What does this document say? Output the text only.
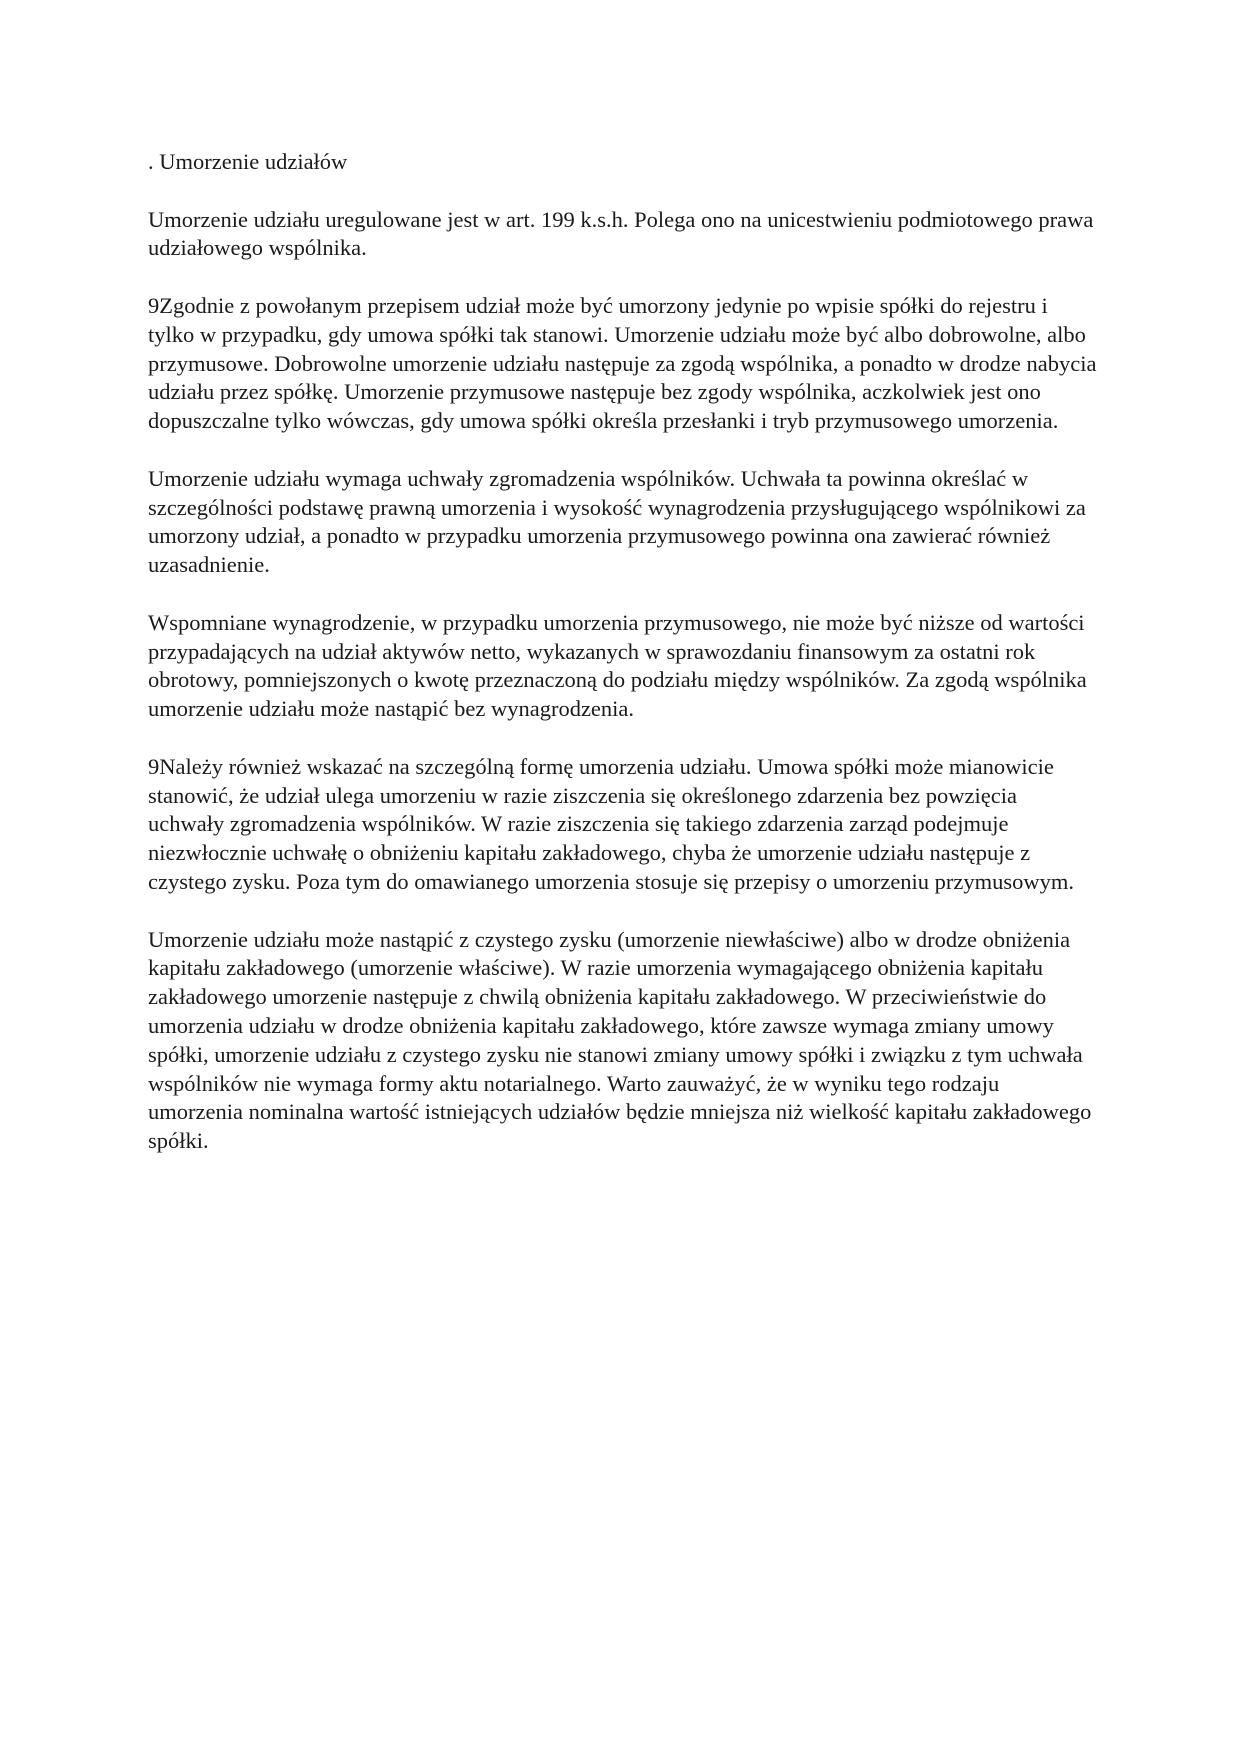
. Umorzenie udziałów

Umorzenie udziału uregulowane jest w art. 199 k.s.h. Polega ono na unicestwieniu podmiotowego prawa udziałowego wspólnika.

9Zgodnie z powołanym przepisem udział może być umorzony jedynie po wpisie spółki do rejestru i tylko w przypadku, gdy umowa spółki tak stanowi. Umorzenie udziału może być albo dobrowolne, albo przymusowe. Dobrowolne umorzenie udziału następuje za zgodą wspólnika, a ponadto w drodze nabycia udziału przez spółkę. Umorzenie przymusowe następuje bez zgody wspólnika, aczkolwiek jest ono dopuszczalne tylko wówczas, gdy umowa spółki określa przesłanki i tryb przymusowego umorzenia.

Umorzenie udziału wymaga uchwały zgromadzenia wspólników. Uchwała ta powinna określać w szczególności podstawę prawną umorzenia i wysokość wynagrodzenia przysługującego wspólnikowi za umorzony udział, a ponadto w przypadku umorzenia przymusowego powinna ona zawierać również uzasadnienie.

Wspomniane wynagrodzenie, w przypadku umorzenia przymusowego, nie może być niższe od wartości przypadających na udział aktywów netto, wykazanych w sprawozdaniu finansowym za ostatni rok obrotowy, pomniejszonych o kwotę przeznaczoną do podziału między wspólników. Za zgodą wspólnika umorzenie udziału może nastąpić bez wynagrodzenia.

9Należy również wskazać na szczególną formę umorzenia udziału. Umowa spółki może mianowicie stanowić, że udział ulega umorzeniu w razie ziszczenia się określonego zdarzenia bez powzięcia uchwały zgromadzenia wspólników. W razie ziszczenia się takiego zdarzenia zarząd podejmuje niezwłocznie uchwałę o obniżeniu kapitału zakładowego, chyba że umorzenie udziału następuje z czystego zysku. Poza tym do omawianego umorzenia stosuje się przepisy o umorzeniu przymusowym.

Umorzenie udziału może nastąpić z czystego zysku (umorzenie niewłaściwe) albo w drodze obniżenia kapitału zakładowego (umorzenie właściwe). W razie umorzenia wymagającego obniżenia kapitału zakładowego umorzenie następuje z chwilą obniżenia kapitału zakładowego. W przeciwieństwie do umorzenia udziału w drodze obniżenia kapitału zakładowego, które zawsze wymaga zmiany umowy spółki, umorzenie udziału z czystego zysku nie stanowi zmiany umowy spółki i związku z tym uchwała wspólników nie wymaga formy aktu notarialnego. Warto zauważyć, że w wyniku tego rodzaju umorzenia nominalna wartość istniejących udziałów będzie mniejsza niż wielkość kapitału zakładowego spółki.
